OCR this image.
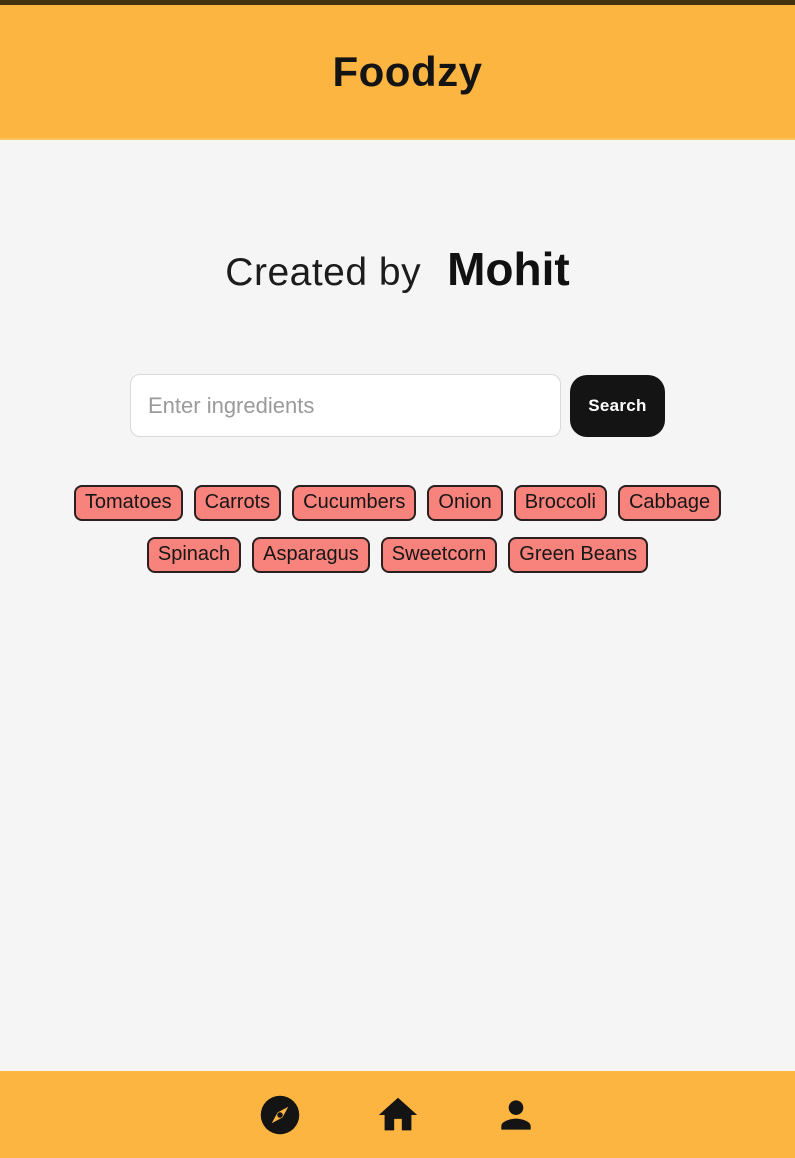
Foodzy
Created by Mohit
Enter ingredients
Search
Tomatoes	Carrots	Cucumbers	Onion	Broccoli	Cabbage
Spinach	Asparagus	Sweetcorn	Green Beans
